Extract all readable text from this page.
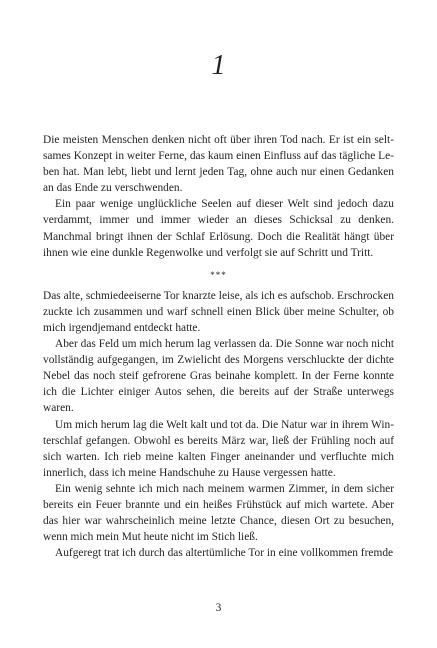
1

Die meisten Menschen denken nicht oft über ihren Tod nach. Er ist ein seltsames Konzept in weiter Ferne, das kaum einen Einfluss auf das tägliche Leben hat. Man lebt, liebt und lernt jeden Tag, ohne auch nur einen Gedanken an das Ende zu verschwenden.

Ein paar wenige unglückliche Seelen auf dieser Welt sind jedoch dazu verdammt, immer und immer wieder an dieses Schicksal zu denken. Manchmal bringt ihnen der Schlaf Erlösung. Doch die Realität hängt über ihnen wie eine dunkle Regenwolke und verfolgt sie auf Schritt und Tritt.

***

Das alte, schmiedeeiserne Tor knarzte leise, als ich es aufschob. Erschrocken zuckte ich zusammen und warf schnell einen Blick über meine Schulter, ob mich irgendjemand entdeckt hatte.

Aber das Feld um mich herum lag verlassen da. Die Sonne war noch nicht vollständig aufgegangen, im Zwielicht des Morgens verschluckte der dichte Nebel das noch steif gefrorene Gras beinahe komplett. In der Ferne konnte ich die Lichter einiger Autos sehen, die bereits auf der Straße unterwegs waren.

Um mich herum lag die Welt kalt und tot da. Die Natur war in ihrem Winterschlaf gefangen. Obwohl es bereits März war, ließ der Frühling noch auf sich warten. Ich rieb meine kalten Finger aneinander und verfluchte mich innerlich, dass ich meine Handschuhe zu Hause vergessen hatte.

Ein wenig sehnte ich mich nach meinem warmen Zimmer, in dem sicher bereits ein Feuer brannte und ein heißes Frühstück auf mich wartete. Aber das hier war wahrscheinlich meine letzte Chance, diesen Ort zu besuchen, wenn mich mein Mut heute nicht im Stich ließ.

Aufgeregt trat ich durch das altertümliche Tor in eine vollkommen fremde

3
